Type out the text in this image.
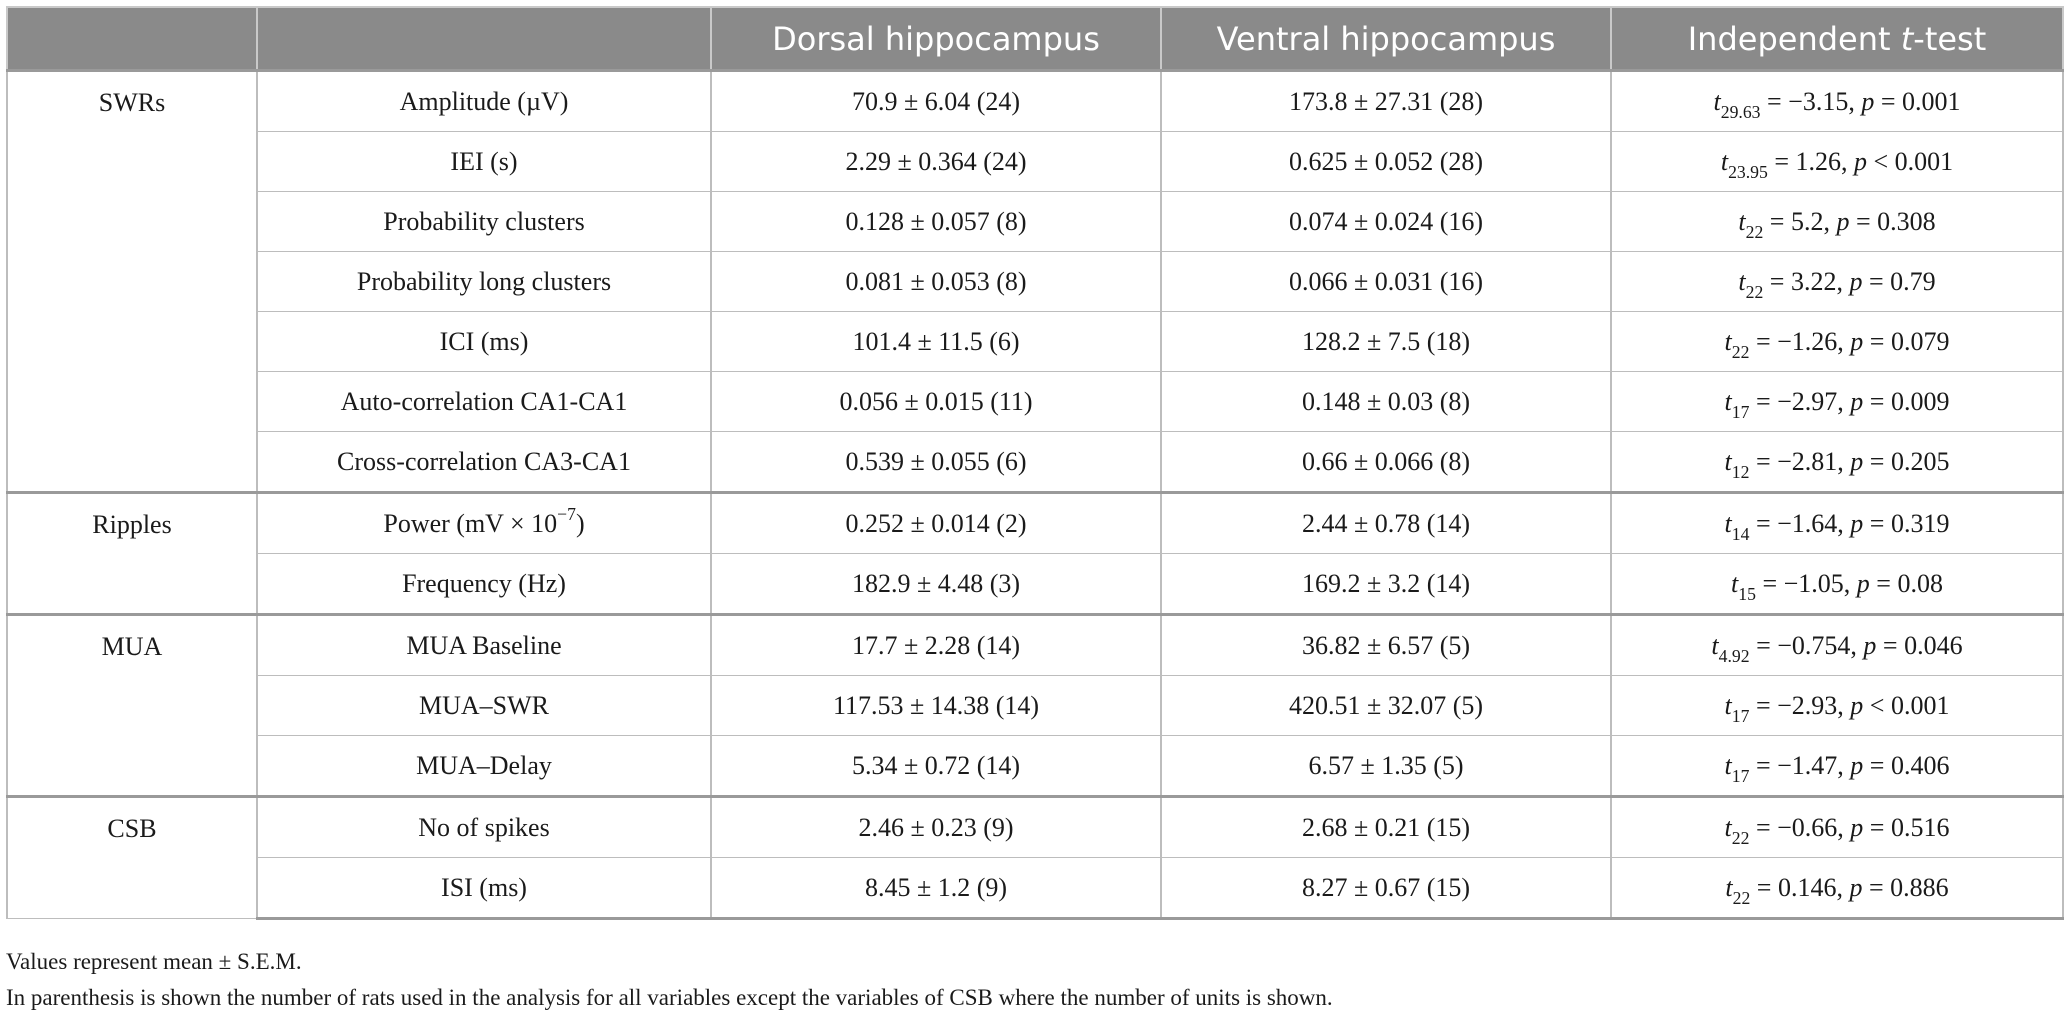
		Dorsal hippocampus	Ventral hippocampus	Independent t-test
SWRs	Amplitude (µV)	70.9 ± 6.04 (24)	173.8 ± 27.31 (28)	$t_{29.63} = -3.15$, p = 0.001
	IEI (s)	2.29 ± 0.364 (24)	0.625 ± 0.052 (28)	$t_{23.95} = 1.26$, p < 0.001
	Probability clusters	0.128 ± 0.057 (8)	0.074 ± 0.024 (16)	$t_{22} = 5.2$, p = 0.308
	Probability long clusters	0.081 ± 0.053 (8)	0.066 ± 0.031 (16)	$t_{22} = 3.22$, p = 0.79
	ICI (ms)	101.4 ± 11.5 (6)	128.2 ± 7.5 (18)	$t_{22} = -1.26$, p = 0.079
	Auto-correlation CA1-CA1	0.056 ± 0.015 (11)	0.148 ± 0.03 (8)	$t_{17} = -2.97$, p = 0.009
	Cross-correlation CA3-CA1	0.539 ± 0.055 (6)	0.66 ± 0.066 (8)	$t_{12} = -2.81$, p = 0.205
Ripples	Power $(mV \times 10^{-7})$	0.252 ± 0.014 (2)	2.44 ± 0.78 (14)	$t_{14} = -1.64$, p = 0.319
	Frequency (Hz)	182.9 ± 4.48 (3)	169.2 ± 3.2 (14)	$t_{15} = -1.05$, p = 0.08
MUA	MUA Baseline	17.7 ± 2.28 (14)	36.82 ± 6.57 (5)	$t_{4.92} = -0.754$, p = 0.046
	MUA–SWR	117.53 ± 14.38 (14)	420.51 ± 32.07 (5)	$t_{17} = -2.93$, p < 0.001
	MUA–Delay	5.34 ± 0.72 (14)	6.57 ± 1.35 (5)	$t_{17} = -1.47$, p = 0.406
CSB	No of spikes	2.46 ± 0.23 (9)	2.68 ± 0.21 (15)	$t_{22} = -0.66$, p = 0.516
	ISI (ms)	8.45 ± 1.2 (9)	8.27 ± 0.67 (15)	$t_{22} = 0.146$, p = 0.886

Values represent mean ± S.E.M.

In parenthesis is shown the number of rats used in the analysis for all variables except the variables of CSB where the number of units is shown.
